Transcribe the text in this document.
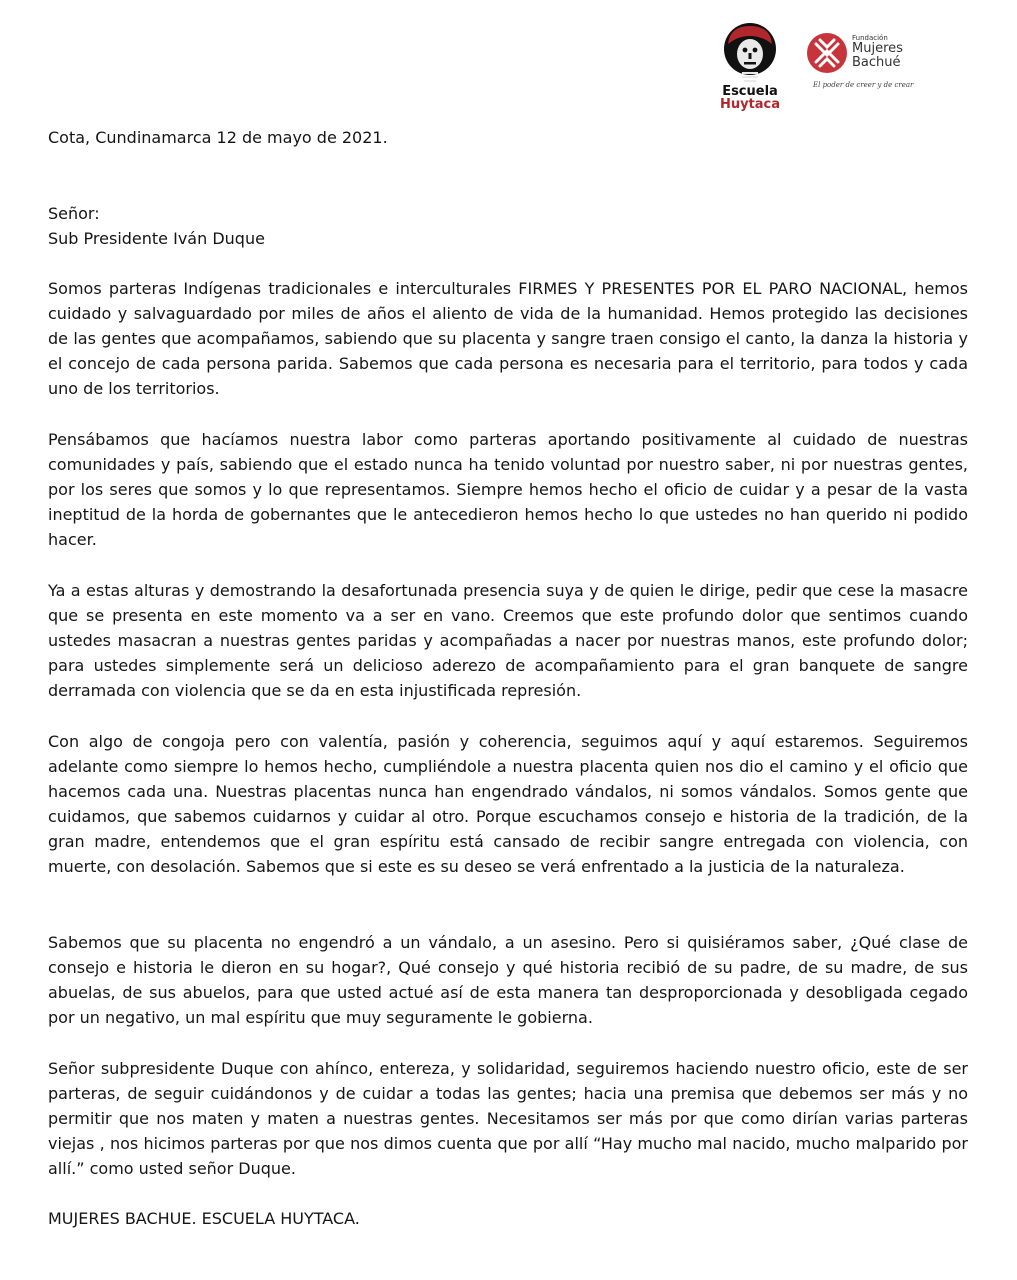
Escuela
Huytaca
Fundación
Mujeres
Bachué
El poder de creer y de crear
Cota, Cundinamarca 12 de mayo de 2021.
Señor:
Sub Presidente Iván Duque
Somos parteras Indígenas tradicionales e interculturales FIRMES Y PRESENTES POR EL PARO NACIONAL, hemos cuidado y salvaguardado por miles de años el aliento de vida de la humanidad. Hemos protegido las decisiones de las gentes que acompañamos, sabiendo que su placenta y sangre traen consigo el canto, la danza la historia y el concejo de cada persona parida. Sabemos que cada persona es necesaria para el territorio, para todos y cada uno de los territorios.
Pensábamos que hacíamos nuestra labor como parteras aportando positivamente al cuidado de nuestras comunidades y país, sabiendo que el estado nunca ha tenido voluntad por nuestro saber, ni por nuestras gentes, por los seres que somos y lo que representamos. Siempre hemos hecho el oficio de cuidar y a pesar de la vasta ineptitud de la horda de gobernantes que le antecedieron hemos hecho lo que ustedes no han querido ni podido hacer.
Ya a estas alturas y demostrando la desafortunada presencia suya y de quien le dirige, pedir que cese la masacre que se presenta en este momento va a ser en vano. Creemos que este profundo dolor que sentimos cuando ustedes masacran a nuestras gentes paridas y acompañadas a nacer por nuestras manos, este profundo dolor; para ustedes simplemente será un delicioso aderezo de acompañamiento para el gran banquete de sangre derramada con violencia que se da en esta injustificada represión.
Con algo de congoja pero con valentía, pasión y coherencia, seguimos aquí y aquí estaremos. Seguiremos adelante como siempre lo hemos hecho, cumpliéndole a nuestra placenta quien nos dio el camino y el oficio que hacemos cada una. Nuestras placentas nunca han engendrado vándalos, ni somos vándalos. Somos gente que cuidamos, que sabemos cuidarnos y cuidar al otro. Porque escuchamos consejo e historia de la tradición, de la gran madre, entendemos que el gran espíritu está cansado de recibir sangre entregada con violencia, con muerte, con desolación. Sabemos que si este es su deseo se verá enfrentado a la justicia de la naturaleza.
Sabemos que su placenta no engendró a un vándalo, a un asesino. Pero si quisiéramos saber, ¿Qué clase de consejo e historia le dieron en su hogar?, Qué consejo y qué historia recibió de su padre, de su madre, de sus abuelas, de sus abuelos, para que usted actué así de esta manera tan desproporcionada y desobligada cegado por un negativo, un mal espíritu que muy seguramente le gobierna.
Señor subpresidente Duque con ahínco, entereza, y solidaridad, seguiremos haciendo nuestro oficio, este de ser parteras, de seguir cuidándonos y de cuidar a todas las gentes; hacia una premisa que debemos ser más y no permitir que nos maten y maten a nuestras gentes. Necesitamos ser más por que como dirían varias parteras viejas , nos hicimos parteras por que nos dimos cuenta que por allí “Hay mucho mal nacido, mucho malparido por allí.” como usted señor Duque.
MUJERES BACHUE. ESCUELA HUYTACA.
